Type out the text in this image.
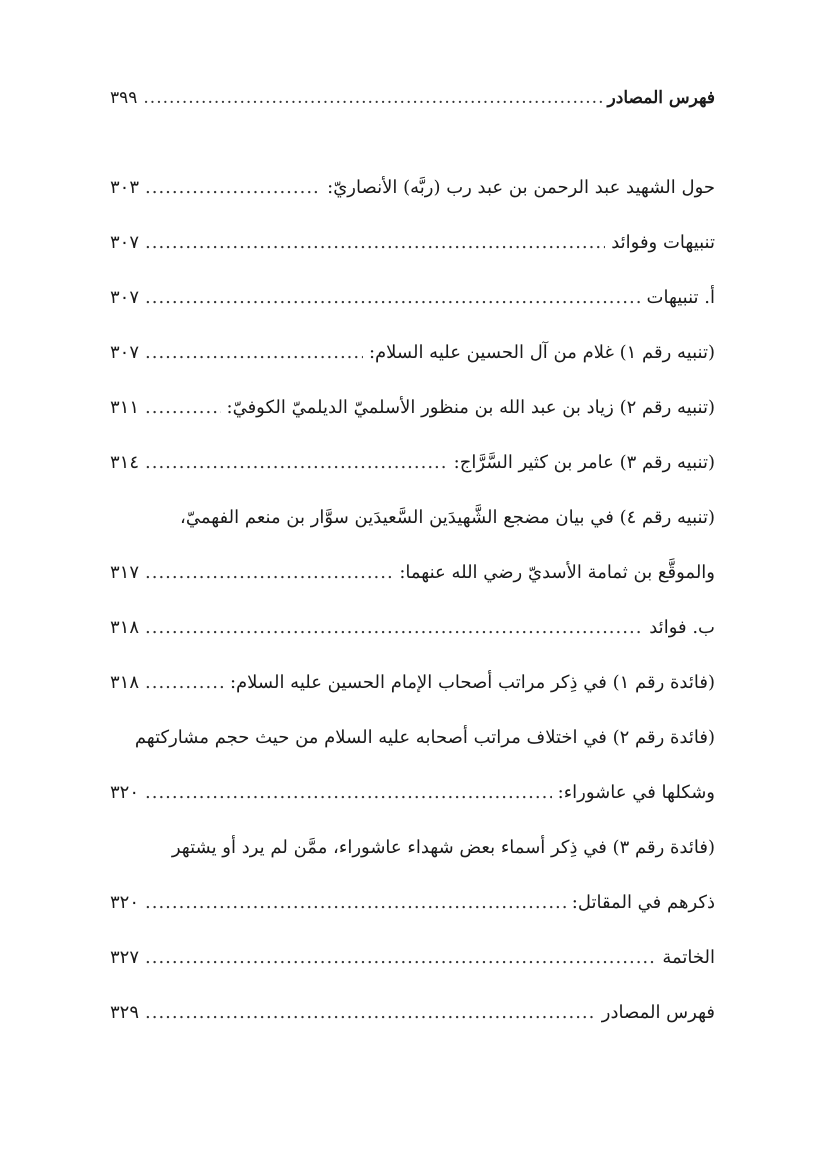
فهرس المصادر
.....
٣٩٩
حول الشهيد عبد الرحمن بن عبد رب (ربَّه) الأنصاريّ:
.....
٣٠٣
تنبيهات وفوائد
.....
٣٠٧
أ. تنبيهات
.....
٣٠٧
(تنبيه رقم ١) غلام من آل الحسين عليه السلام:
.....
٣٠٧
(تنبيه رقم ٢) زياد بن عبد الله بن منظور الأسلميّ الديلميّ الكوفيّ:
.....
٣١١
(تنبيه رقم ٣) عامر بن كثير السَّرَّاج:
.....
٣١٤
(تنبيه رقم ٤) في بيان مضجع الشَّهيدَين السَّعيدَين سوَّار بن منعم الفهميّ،
والموقَّع بن ثمامة الأسديّ رضي الله عنهما:
.....
٣١٧
ب. فوائد
.....
٣١٨
(فائدة رقم ١) في ذِكر مراتب أصحاب الإمام الحسين عليه السلام:
.....
٣١٨
(فائدة رقم ٢) في اختلاف مراتب أصحابه عليه السلام من حيث حجم مشاركتهم
وشكلها في عاشوراء:
.....
٣٢٠
(فائدة رقم ٣) في ذِكر أسماء بعض شهداء عاشوراء، ممَّن لم يرد أو يشتهر
ذكرهم في المقاتل:
.....
٣٢٠
الخاتمة
.....
٣٢٧
فهرس المصادر
.....
٣٢٩
